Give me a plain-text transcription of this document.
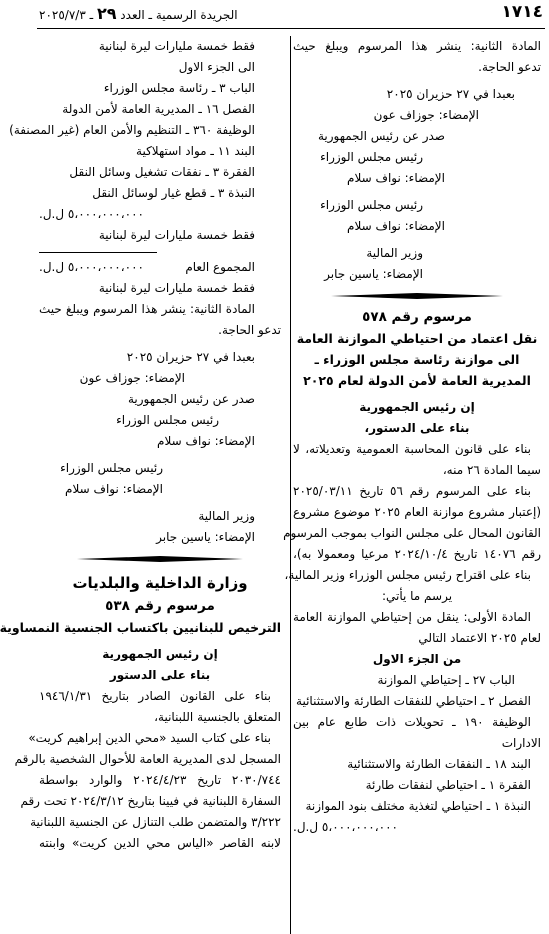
١٧١٤
الجريدة الرسمية ـ العدد ٢٩ ـ ٢٠٢٥/٧/٣
المادة الثانية: ينشر هذا المرسوم ويبلغ حيث
تدعو الحاجة.
بعبدا في ٢٧ حزيران ٢٠٢٥
الإمضاء: جوزاف عون
صدر عن رئيس الجمهورية
رئيس مجلس الوزراء
الإمضاء: نواف سلام
رئيس مجلس الوزراء
الإمضاء: نواف سلام
وزير المالية
الإمضاء: ياسين جابر
مرسوم رقم ٥٧٨
نقل اعتماد من احتياطي الموازنة العامة
الى موازنة رئاسة مجلس الوزراء ـ
المديرية العامة لأمن الدولة لعام ٢٠٢٥
إن رئيس الجمهورية
بناء على الدستور،
بناء على قانون المحاسبة العمومية وتعديلاته، لا
سيما المادة ٢٦ منه،
بناء على المرسوم رقم ٥٦ تاريخ ٢٠٢٥/٠٣/١١
(إعتبار مشروع موازنة العام ٢٠٢٥ موضوع مشروع
القانون المحال على مجلس النواب بموجب المرسوم
رقم ١٤٠٧٦ تاريخ ٢٠٢٤/١٠/٤ مرعيا ومعمولا به)،
بناء على اقتراح رئيس مجلس الوزراء وزير المالية،
يرسم ما يأتي:
المادة الأولى: ينقل من إحتياطي الموازنة العامة
لعام ٢٠٢٥ الاعتماد التالي
من الجزء الاول
الباب ٢٧ ـ إحتياطي الموازنة
الفصل ٢ ـ احتياطي للنفقات الطارئة والاستثنائية
الوظيفة ١٩٠ ـ تحويلات ذات طابع عام بين
الادارات
البند ١٨ ـ النفقات الطارئة والاستثنائية
الفقرة ١ ـ احتياطي لنفقات طارئة
النبذة ١ ـ احتياطي لتغذية مختلف بنود الموازنة
٥،٠٠٠،٠٠٠،٠٠٠ ل.ل.
فقط خمسة مليارات ليرة لبنانية
الى الجزء الاول
الباب ٣ ـ رئاسة مجلس الوزراء
الفصل ١٦ ـ المديرية العامة لأمن الدولة
الوظيفة ٣٦٠ ـ التنظيم والأمن العام (غير المصنفة)
البند ١١ ـ مواد استهلاكية
الفقرة ٣ ـ نفقات تشغيل وسائل النقل
النبذة ٣ ـ قطع غيار لوسائل النقل
٥،٠٠٠،٠٠٠،٠٠٠ ل.ل.
فقط خمسة مليارات ليرة لبنانية
المجموع العام
٥،٠٠٠،٠٠٠،٠٠٠ ل.ل.
فقط خمسة مليارات ليرة لبنانية
المادة الثانية: ينشر هذا المرسوم ويبلغ حيث
تدعو الحاجة.
بعبدا في ٢٧ حزيران ٢٠٢٥
الإمضاء: جوزاف عون
صدر عن رئيس الجمهورية
رئيس مجلس الوزراء
الإمضاء: نواف سلام
رئيس مجلس الوزراء
الإمضاء: نواف سلام
وزير المالية
الإمضاء: ياسين جابر
وزارة الداخلية والبلديات
مرسوم رقم ٥٣٨
الترخيص للبنانيين باكتساب الجنسية النمساوية
إن رئيس الجمهورية
بناء على الدستور
بناء على القانون الصادر بتاريخ ١٩٤٦/١/٣١
المتعلق بالجنسية اللبنانية،
بناء على كتاب السيد «محي الدين إبراهيم كريت»
المسجل لدى المديرية العامة للأحوال الشخصية بالرقم
٢٠٣٠/٧٤٤ تاريخ ٢٠٢٤/٤/٢٣ والوارد بواسطة
السفارة اللبنانية في فيينا بتاريخ ٢٠٢٤/٣/١٢ تحت رقم
٣/٢٢٢ والمتضمن طلب التنازل عن الجنسية اللبنانية
لابنه القاصر «الياس محي الدين كريت» وابنته
